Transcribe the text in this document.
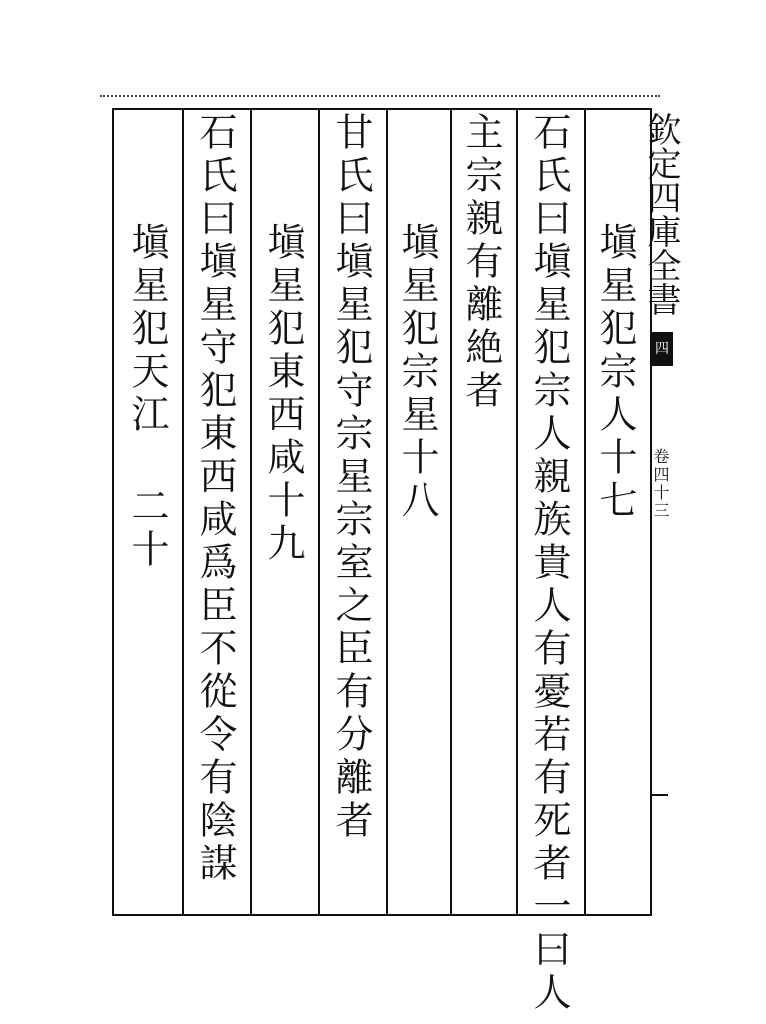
塡星犯宗人十七
石氏曰塡星犯宗人親族貴人有憂若有死者一曰人
主宗親有離絶者
塡星犯宗星十八
甘氏曰塡星犯守宗星宗室之臣有分離者
塡星犯東西咸十九
石氏曰塡星守犯東西咸爲臣不從令有陰謀
塡星犯天江 二十
欽定四庫全書
四
卷四十三
